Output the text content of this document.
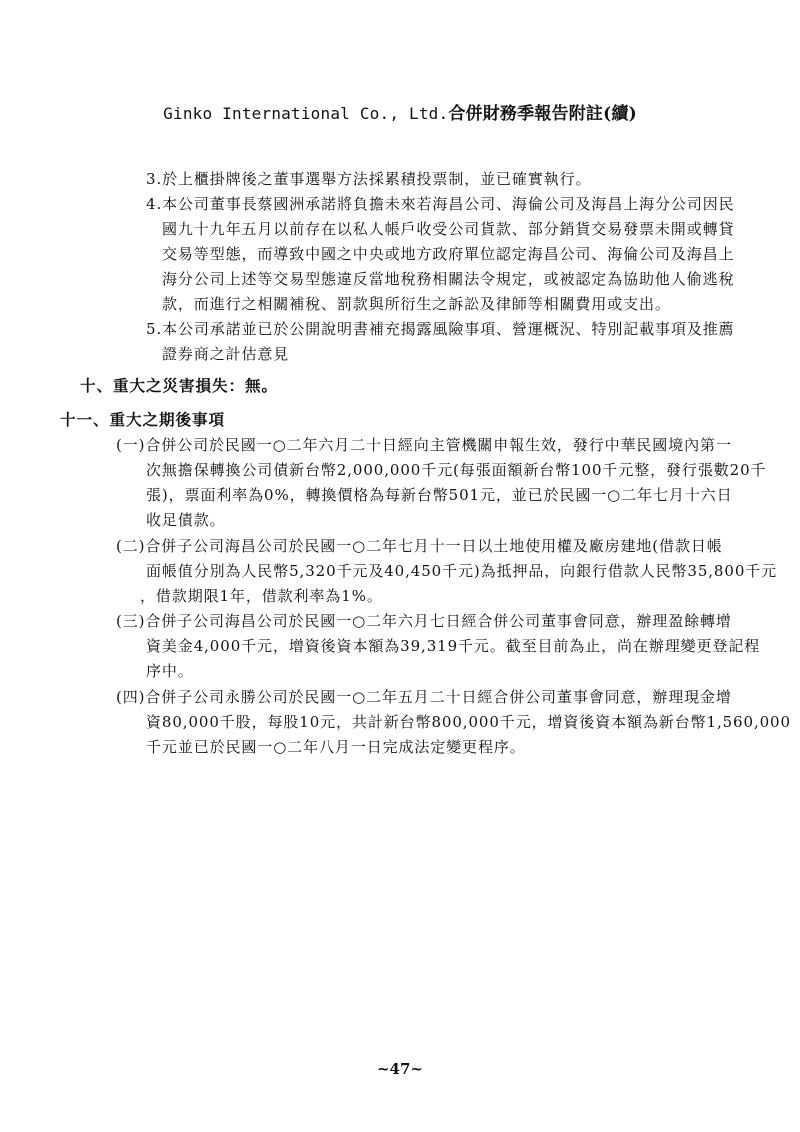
Ginko International Co., Ltd.合併財務季報告附註(續)
3.於上櫃掛牌後之董事選舉方法採累積投票制，並已確實執行。
4.本公司董事長蔡國洲承諾將負擔未來若海昌公司、海倫公司及海昌上海分公司因民
國九十九年五月以前存在以私人帳戶收受公司貨款、部分銷貨交易發票未開或轉貸
交易等型態，而導致中國之中央或地方政府單位認定海昌公司、海倫公司及海昌上
海分公司上述等交易型態違反當地稅務相關法令規定，或被認定為協助他人偷逃稅
款，而進行之相關補稅、罰款與所衍生之訴訟及律師等相關費用或支出。
5.本公司承諾並已於公開說明書補充揭露風險事項、營運概況、特別記載事項及推薦
證券商之計估意見
十、重大之災害損失：無。
十一、重大之期後事項
(一)合併公司於民國一○二年六月二十日經向主管機關申報生效，發行中華民國境內第一
次無擔保轉換公司債新台幣2,000,000千元(每張面額新台幣100千元整，發行張數20千
張)，票面利率為0%，轉換價格為每新台幣501元，並已於民國一○二年七月十六日
收足債款。
(二)合併子公司海昌公司於民國一○二年七月十一日以土地使用權及廠房建地(借款日帳
面帳值分別為人民幣5,320千元及40,450千元)為抵押品，向銀行借款人民幣35,800千元
，借款期限1年，借款利率為1%。
(三)合併子公司海昌公司於民國一○二年六月七日經合併公司董事會同意，辦理盈餘轉增
資美金4,000千元，增資後資本額為39,319千元。截至目前為止，尚在辦理變更登記程
序中。
(四)合併子公司永勝公司於民國一○二年五月二十日經合併公司董事會同意，辦理現金增
資80,000千股，每股10元，共計新台幣800,000千元，增資後資本額為新台幣1,560,000
千元並已於民國一○二年八月一日完成法定變更程序。
~47~
